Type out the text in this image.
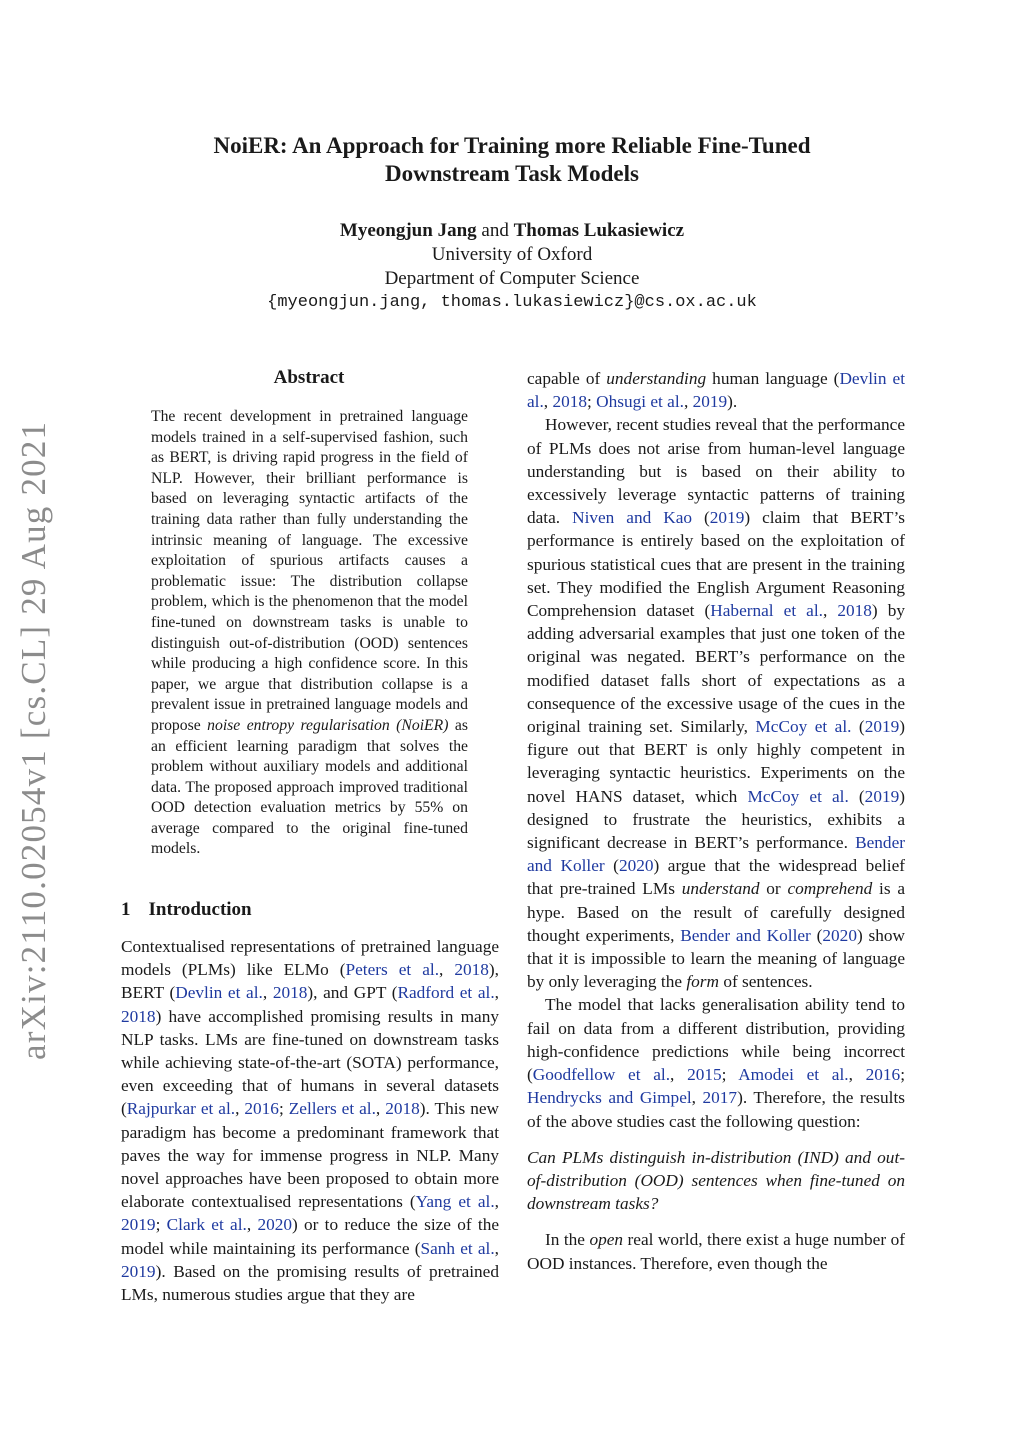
arXiv:2110.02054v1 [cs.CL] 29 Aug 2021
NoiER: An Approach for Training more Reliable Fine-Tuned
Downstream Task Models
Myeongjun Jang and Thomas Lukasiewicz
University of Oxford
Department of Computer Science
{myeongjun.jang, thomas.lukasiewicz}@cs.ox.ac.uk
Abstract
The recent development in pretrained language models trained in a self-supervised fashion, such as BERT, is driving rapid progress in the field of NLP. However, their brilliant performance is based on leveraging syntactic artifacts of the training data rather than fully understanding the intrinsic meaning of language. The excessive exploitation of spurious artifacts causes a problematic issue: The distribution collapse problem, which is the phenomenon that the model fine-tuned on downstream tasks is unable to distinguish out-of-distribution (OOD) sentences while producing a high confidence score. In this paper, we argue that distribution collapse is a prevalent issue in pretrained language models and propose noise entropy regularisation (NoiER) as an efficient learning paradigm that solves the problem without auxiliary models and additional data. The proposed approach improved traditional OOD detection evaluation metrics by 55% on average compared to the original fine-tuned models.
1 Introduction

Contextualised representations of pretrained language models (PLMs) like ELMo (Peters et al., 2018), BERT (Devlin et al., 2018), and GPT (Radford et al., 2018) have accomplished promising results in many NLP tasks. LMs are fine-tuned on downstream tasks while achieving state-of-the-art (SOTA) performance, even exceeding that of humans in several datasets (Rajpurkar et al., 2016; Zellers et al., 2018). This new paradigm has become a predominant framework that paves the way for immense progress in NLP. Many novel approaches have been proposed to obtain more elaborate contextualised representations (Yang et al., 2019; Clark et al., 2020) or to reduce the size of the model while maintaining its performance (Sanh et al., 2019). Based on the promising results of pretrained LMs, numerous studies argue that they are

capable of understanding human language (Devlin et al., 2018; Ohsugi et al., 2019).

However, recent studies reveal that the performance of PLMs does not arise from human-level language understanding but is based on their ability to excessively leverage syntactic patterns of training data. Niven and Kao (2019) claim that BERT’s performance is entirely based on the exploitation of spurious statistical cues that are present in the training set. They modified the English Argument Reasoning Comprehension dataset (Habernal et al., 2018) by adding adversarial examples that just one token of the original was negated. BERT’s performance on the modified dataset falls short of expectations as a consequence of the excessive usage of the cues in the original training set. Similarly, McCoy et al. (2019) figure out that BERT is only highly competent in leveraging syntactic heuristics. Experiments on the novel HANS dataset, which McCoy et al. (2019) designed to frustrate the heuristics, exhibits a significant decrease in BERT’s performance. Bender and Koller (2020) argue that the widespread belief that pre-trained LMs understand or comprehend is a hype. Based on the result of carefully designed thought experiments, Bender and Koller (2020) show that it is impossible to learn the meaning of language by only leveraging the form of sentences.

The model that lacks generalisation ability tend to fail on data from a different distribution, providing high-confidence predictions while being incorrect (Goodfellow et al., 2015; Amodei et al., 2016; Hendrycks and Gimpel, 2017). Therefore, the results of the above studies cast the following question:

Can PLMs distinguish in-distribution (IND) and out-of-distribution (OOD) sentences when fine-tuned on downstream tasks?

In the open real world, there exist a huge number of OOD instances. Therefore, even though the
